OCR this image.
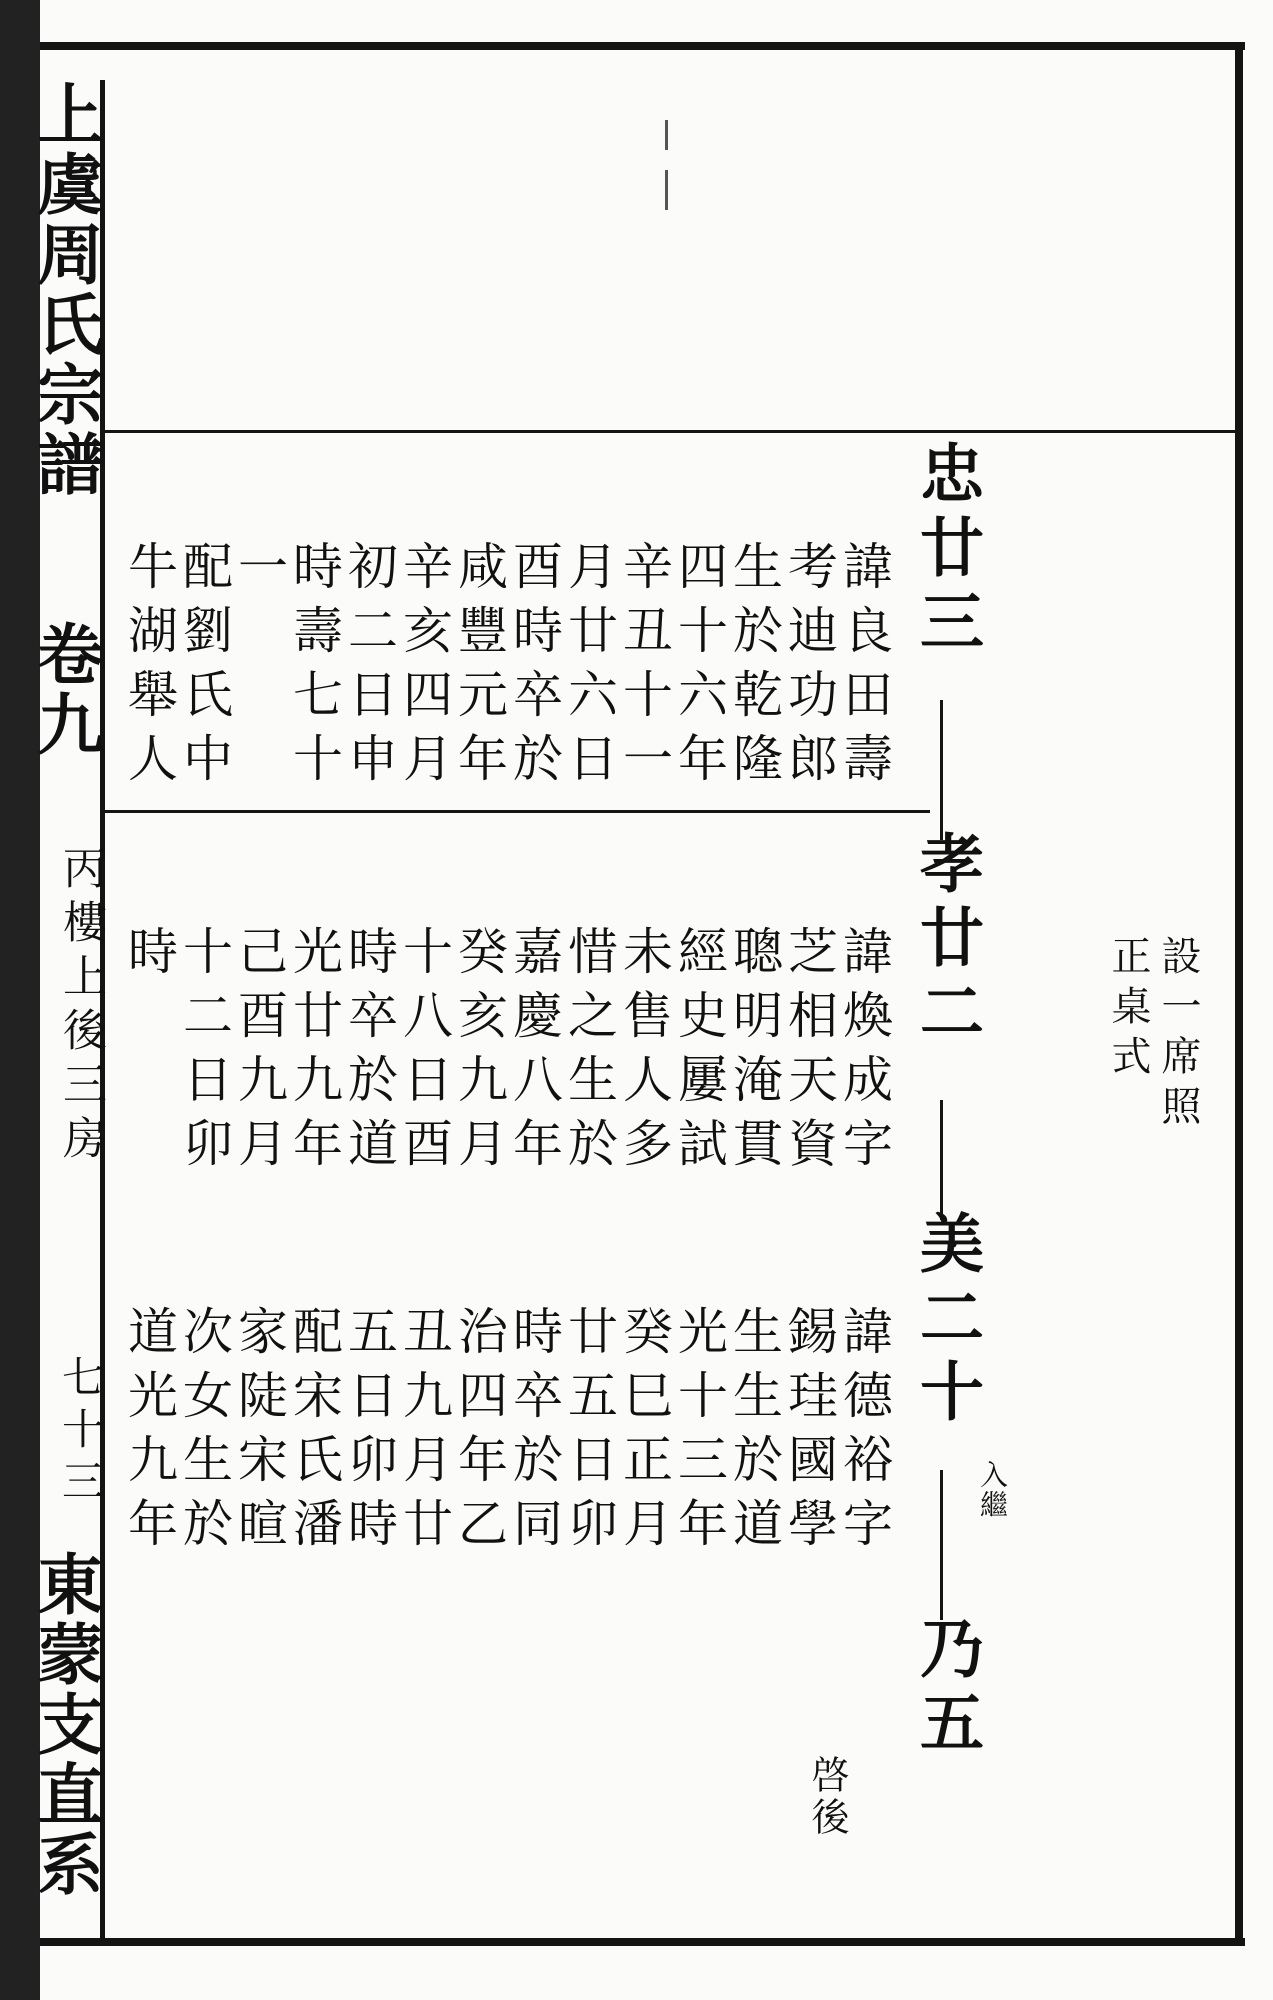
上虞周氏宗譜
卷九
丙樓上後三房
七十三
東蒙支直系
忠廿三
孝廿二
美二十
入繼
乃五
諱良田壽
考迪功郎
生於乾隆
四十六年
辛丑十一
月廿六日
酉時卒於
咸豐元年
辛亥四月
初二日申
時壽七十
一
配劉氏中
牛湖舉人
諱煥成字
芝相天資
聰明淹貫
經史屢試
未售人多
惜之生於
嘉慶八年
癸亥九月
十八日酉
時卒於道
光廿九年
己酉九月
十二日卯
時
諱德裕字
錫珪國學
生生於道
光十三年
癸巳正月
廿五日卯
時卒於同
治四年乙
丑九月廿
五日卯時
配宋氏潘
家陡宋暄
次女生於
道光九年
設一席照
正桌式
啓後
